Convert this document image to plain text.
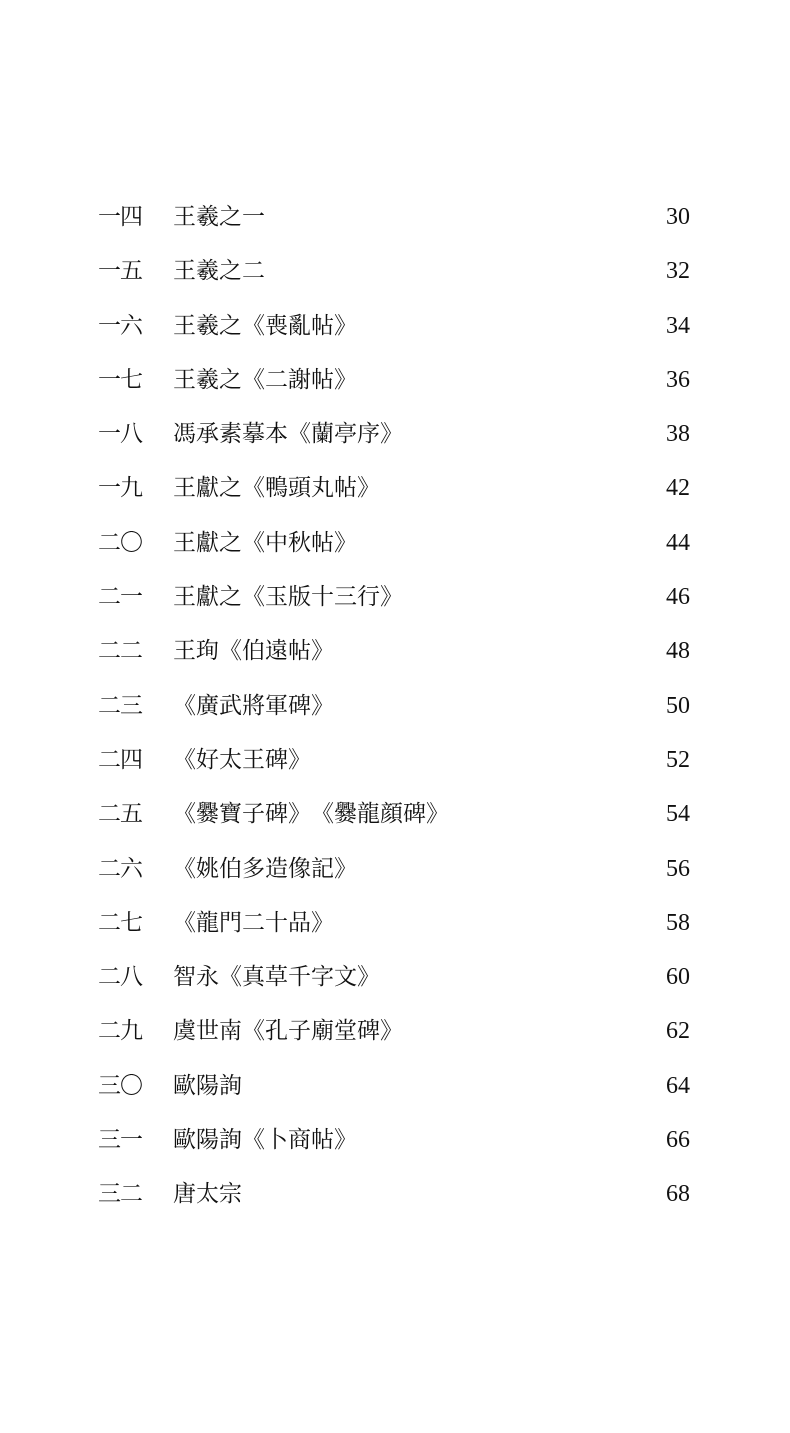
一四 王羲之一	30
一五 王羲之二	32
一六 王羲之《喪亂帖》	34
一七 王羲之《二謝帖》	36
一八 馮承素摹本《蘭亭序》	38
一九 王獻之《鴨頭丸帖》	42
二〇 王獻之《中秋帖》	44
二一 王獻之《玉版十三行》	46
二二 王珣《伯遠帖》	48
二三 《廣武將軍碑》	50
二四 《好太王碑》	52
二五 《爨寶子碑》　《爨龍顔碑》	54
二六 《姚伯多造像記》	56
二七 《龍門二十品》	58
二八 智永《真草千字文》	60
二九 虞世南《孔子廟堂碑》	62
三〇 歐陽詢	64
三一 歐陽詢《卜商帖》	66
三二 唐太宗	68
